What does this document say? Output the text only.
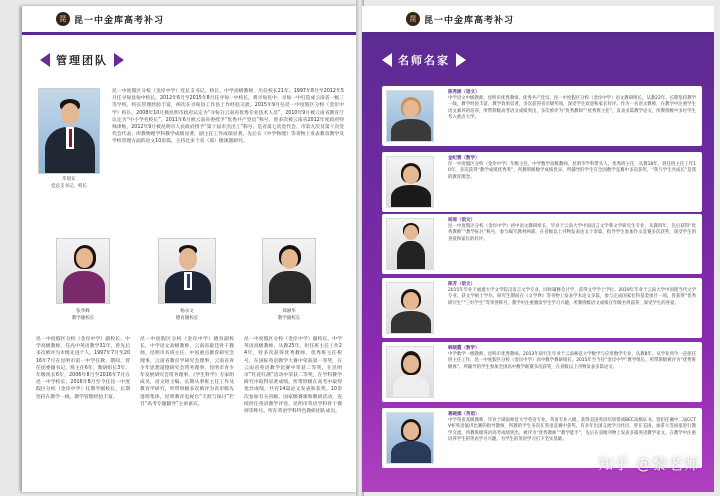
昆 昆一中金库高考补习
管理团队
毕晨东
党总支书记、校长
昆一中度假区分校（金岸中学）党总支书记、校长，中学高级教师，历任校长21年。1997年8月至2012年5月任寻甸县甸中校长，2012年6月至2015年8月任寻甸一中校长，将寻甸民中、寻甸一中打造成云南省一级三等学校，校长管理经验丰富，两次在寻甸县工作县上作经验交流。2015年9月任昆一中度假区分校（金岸中学）校长，2008年10月被昆明市政府认定为“寻甸分云南省优秀专业技术人员”，2010年9月被云南省教育厅认定为“中小学名校长”，2011年6月被云南省委授予“优秀共产党员”称号，曾多次被云南省2012年度政府特殊津贴，2012年9月被昆明市人民政府授予“第十届市杰出工”称号。是省第七次党代会、市第九次及第十次党代会代表，所教物理学科教学成绩显著，副主任工作成绩显著。先后在《中学物理》等刊物上发表教育教学及学校管理方面的论文10余篇，主持过多个省（部）级课题研究。
张华峰
教学副校长
杨永文
德育副校长
郑丽华
教学副校长
昆一中度假区分校（金岸中学）副校长，中学高级教师，任高中英语教学31年，曾先后多次被评为市级先进个人。1997年7月至2016年7月在昆明市第一中学任教，期间，曾任团委副书记、班主任6年、教研组长3年、年级组长6年，2006年8月至2016年7月在昆一中学校长，2016年8月至今任昆一中度假区分校（金岸中学）任教学副校长，长期坚持在教学一线，教学管理经验丰富。
昆一中度假区分校（金岸中学）德育副校长，中学语文高级教师，云南省最佳骨干教师，昆明市名班主任、中国重点教育研究会理事，云南省教育学研究会理事，云南省青少年思想道德研究会常务理事，昆明市青少年发展研究会常务理事，《学生科学》专家组成员，语文组主编。长期从事班主任工作及教育学研究，所带班级多次被评为省市级先进班集体，昆明教育电视台“天涯与探讨”栏目“高考专题辅导”主讲嘉宾。
昆一中度假区分校（金岸中学）副校长，中学英语高级教师，从教25年，担任班主任工作24年，曾多次获得优秀教师、优秀班主任称号，在国际英语教学大赛中荣获第一等奖，在云南省英语教学比赛中荣获二等奖，在昆明市“红花红满”活动中荣获二等奖，在学科教学研究中取得显著成绩。所带班级在高考中取得优异成绩，共有14篇论文发表和获奖。10余次参加有关省级、国家级赛课和教研活动，连续担任英语教学评卷，昆明市英语学科骨干教师等称号。所在英语学科特色教研团队成员。
昆 昆一中金库高考补习
名师名家
陈秀丽（语文）
中学语文中级教师，昆明市优秀教师、优秀共产党员。昆一中度假区分校（金岸中学）语文教研组长，从教22年。长期坚持教学一线，教学经验丰富，教学效果显著，多次获得省市级奖项，深受学生欢迎和家长好评。作为一名语文教师，在教学中注重学生语文素养的培养，所带班级高考语文成绩突出，多次被评为“优秀教师”“优秀班主任”，发表多篇教学论文，所教班级中多位学生考入重点大学。
金纪蓉（数学）
昆一中度假区分校（金岸中学）年级主任，中学数学高级教师，昆明市学科带头人，优秀班主任，从教18年，曾任班主任工作10年，多次获得“教学成绩优秀奖”，所教班级数学成绩优异，所辅导的学生在全国数学竞赛中多次获奖，“我与学生共成长”是我的教育理念。
杨琼（语文）
昆一中度假区分校（金岸中学）初中语文教研组长，毕业于云南大学中国语言文学系文学研究生专业，从教四年，先后获得“优秀教师”“教学标兵”称号，参与编写教材两部，在省级以上刊物发表论文十余篇，指导学生参加作文竞赛多次获奖，深受学生的喜爱和家长的好评。
陈芳（语文）
2015年毕业于福建大学文学院汉语言文学专业，同时辅修会计学，获得文学学士学位。2019年毕业于云南大学中国现当代文学专业，获文学硕士学位。研究生期间在《文学界》等刊物上发表学术论文多篇，参与完成国家社科基金项目一项，曾获得“优秀研究生”“三好学生”等荣誉称号，教学中注重激发学生学习兴趣，所教班级语文成绩在年级名列前茅，深受学生的喜爱。
韩晓霞（数学）
中学数学一级教师，昆明市优秀教师。2013年研究生毕业于云南师范大学数学与应用数学专业，从教8年，从学业到今一直担任班主任工作，昆一中度假区分校（金岸中学）高中数学教研组长、2015年至今任“金岸中学”教学组长，所带班级被评为“优秀班级体”，所辅导的学生参加全国高中数学联赛多次获奖，在省级以上刊物发表多篇论文。
蒋晓娟（英语）
中学英语高级教师，毕业于湖南师范大学英语专业，英语专业八级，获得美国英语培训资质BEC高级证书。曾担任湘中二届CCTV杯英语演讲比赛的指导教师，所教的学生多次在英语竞赛中获奖。有多年出国交流学习经历，曾在美国、加拿大等国家进行教学交流，所教班级英语高考成绩突出，被评为“优秀教师”“教学能手”，先后在省级刊物上发表多篇英语教学论文。在教学中注重培养学生的英语学习兴趣，为学生的英语学习打下坚实基础。
知乎 @黎老师
